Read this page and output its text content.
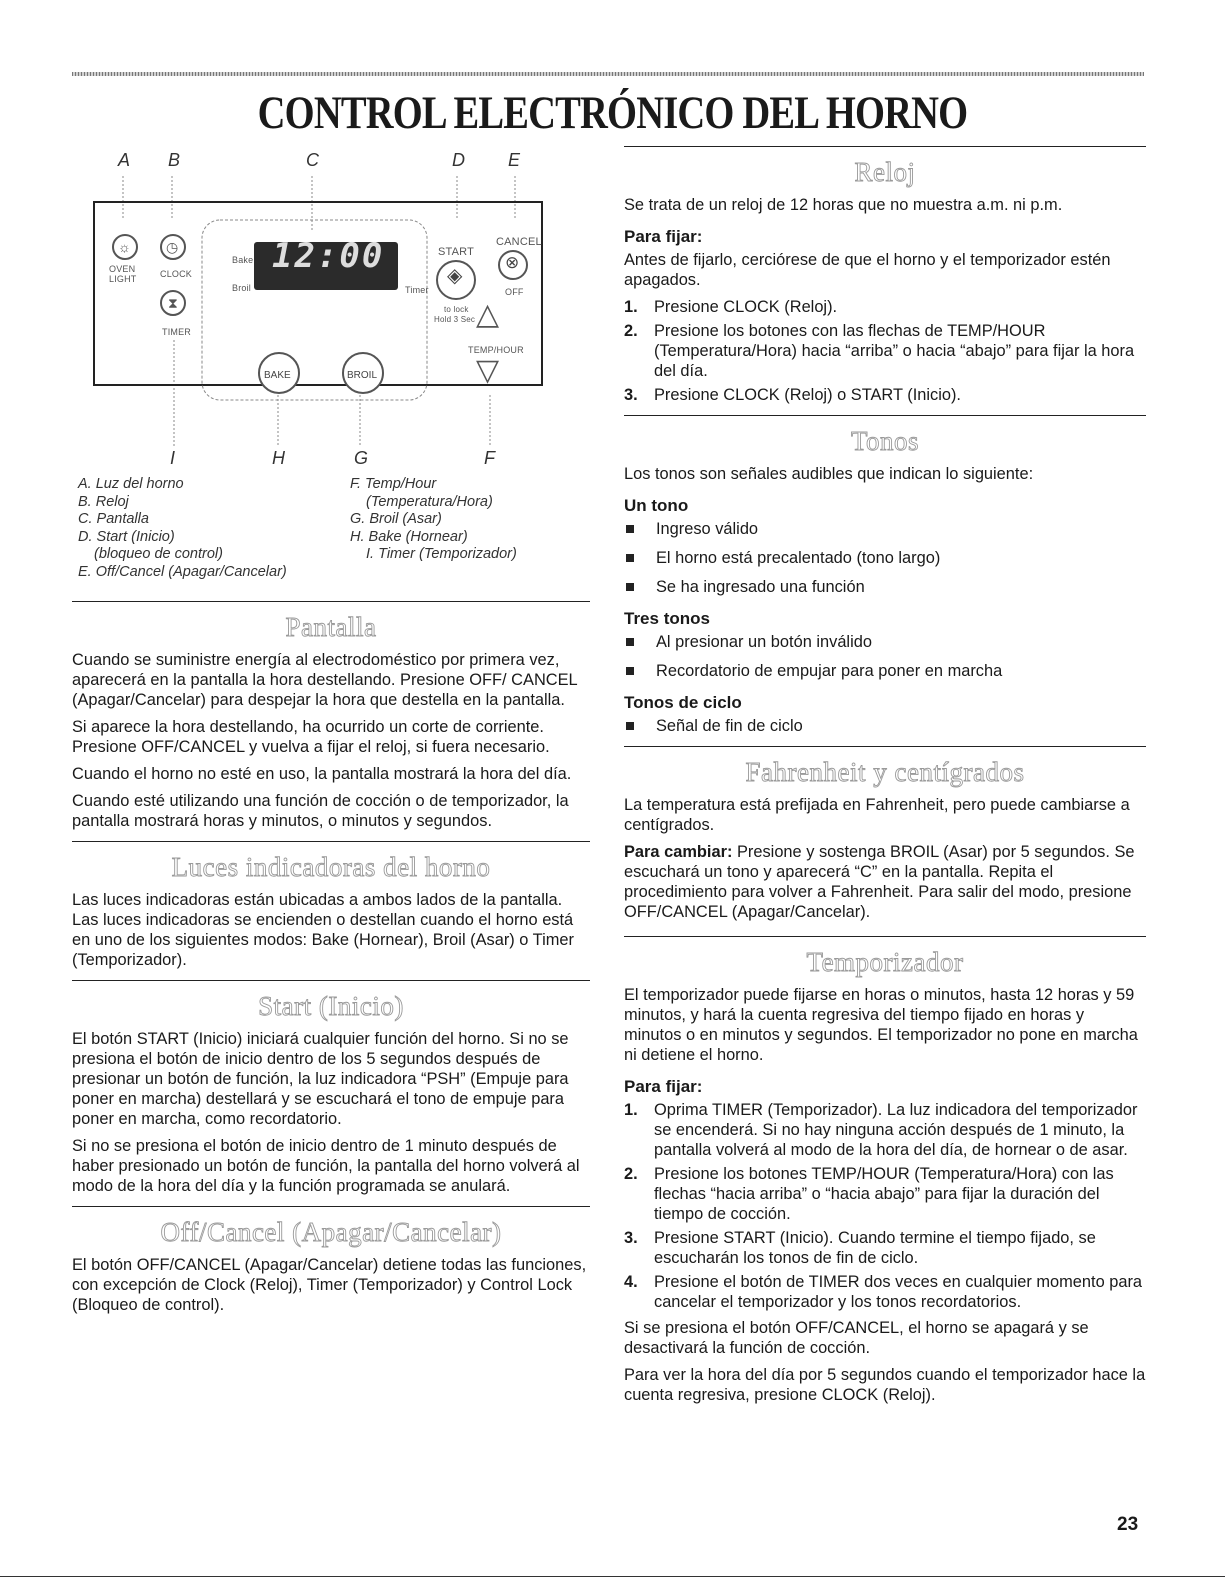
CONTROL ELECTRÓNICO DEL HORNO
A B	C	D E
☼
OVEN LIGHT
◷
CLOCK
⧗
TIMER
Bake
Broil
12:00
Timer
START
◈
to lock
Hold 3 Sec
CANCEL
⊗
OFF
△
TEMP/HOUR
▽
BAKE	BROIL
I	H	G	F
A. Luz del horno
B. Reloj
C. Pantalla
D. Start (Inicio)
(bloqueo de control)
E. Off/Cancel (Apagar/Cancelar)
F. Temp/Hour
(Temperatura/Hora)
G. Broil (Asar)
H. Bake (Hornear)
I. Timer (Temporizador)
Pantalla

Cuando se suministre energía al electrodoméstico por primera vez, aparecerá en la pantalla la hora destellando. Presione OFF/ CANCEL (Apagar/Cancelar) para despejar la hora que destella en la pantalla.

Si aparece la hora destellando, ha ocurrido un corte de corriente. Presione OFF/CANCEL y vuelva a fijar el reloj, si fuera necesario.

Cuando el horno no esté en uso, la pantalla mostrará la hora del día.

Cuando esté utilizando una función de cocción o de temporizador, la pantalla mostrará horas y minutos, o minutos y segundos.

Luces indicadoras del horno

Las luces indicadoras están ubicadas a ambos lados de la pantalla. Las luces indicadoras se encienden o destellan cuando el horno está en uno de los siguientes modos: Bake (Hornear), Broil (Asar) o Timer (Temporizador).

Start (Inicio)

El botón START (Inicio) iniciará cualquier función del horno. Si no se presiona el botón de inicio dentro de los 5 segundos después de presionar un botón de función, la luz indicadora “PSH” (Empuje para poner en marcha) destellará y se escuchará el tono de empuje para poner en marcha, como recordatorio.

Si no se presiona el botón de inicio dentro de 1 minuto después de haber presionado un botón de función, la pantalla del horno volverá al modo de la hora del día y la función programada se anulará.

Off/Cancel (Apagar/Cancelar)

El botón OFF/CANCEL (Apagar/Cancelar) detiene todas las funciones, con excepción de Clock (Reloj), Timer (Temporizador) y Control Lock (Bloqueo de control).

Reloj

Se trata de un reloj de 12 horas que no muestra a.m. ni p.m.

Para fijar:

Antes de fijarlo, cerciórese de que el horno y el temporizador estén apagados.

1. Presione CLOCK (Reloj).
2. Presione los botones con las flechas de TEMP/HOUR (Temperatura/Hora) hacia “arriba” o hacia “abajo” para fijar la hora del día.
3. Presione CLOCK (Reloj) o START (Inicio).
Tonos

Los tonos son señales audibles que indican lo siguiente:

Un tono
Ingreso válido
El horno está precalentado (tono largo)
Se ha ingresado una función
Tres tonos
Al presionar un botón inválido
Recordatorio de empujar para poner en marcha
Tonos de ciclo
Señal de fin de ciclo
Fahrenheit y centígrados

La temperatura está prefijada en Fahrenheit, pero puede cambiarse a centígrados.

Para cambiar: Presione y sostenga BROIL (Asar) por 5 segundos. Se escuchará un tono y aparecerá “C” en la pantalla. Repita el procedimiento para volver a Fahrenheit. Para salir del modo, presione OFF/CANCEL (Apagar/Cancelar).

Temporizador

El temporizador puede fijarse en horas o minutos, hasta 12 horas y 59 minutos, y hará la cuenta regresiva del tiempo fijado en horas y minutos o en minutos y segundos. El temporizador no pone en marcha ni detiene el horno.

Para fijar:
1. Oprima TIMER (Temporizador). La luz indicadora del temporizador se encenderá. Si no hay ninguna acción después de 1 minuto, la pantalla volverá al modo de la hora del día, de hornear o de asar.
2. Presione los botones TEMP/HOUR (Temperatura/Hora) con las flechas “hacia arriba” o “hacia abajo” para fijar la duración del tiempo de cocción.
3. Presione START (Inicio). Cuando termine el tiempo fijado, se escucharán los tonos de fin de ciclo.
4. Presione el botón de TIMER dos veces en cualquier momento para cancelar el temporizador y los tonos recordatorios.

Si se presiona el botón OFF/CANCEL, el horno se apagará y se desactivará la función de cocción.

Para ver la hora del día por 5 segundos cuando el temporizador hace la cuenta regresiva, presione CLOCK (Reloj).

23
